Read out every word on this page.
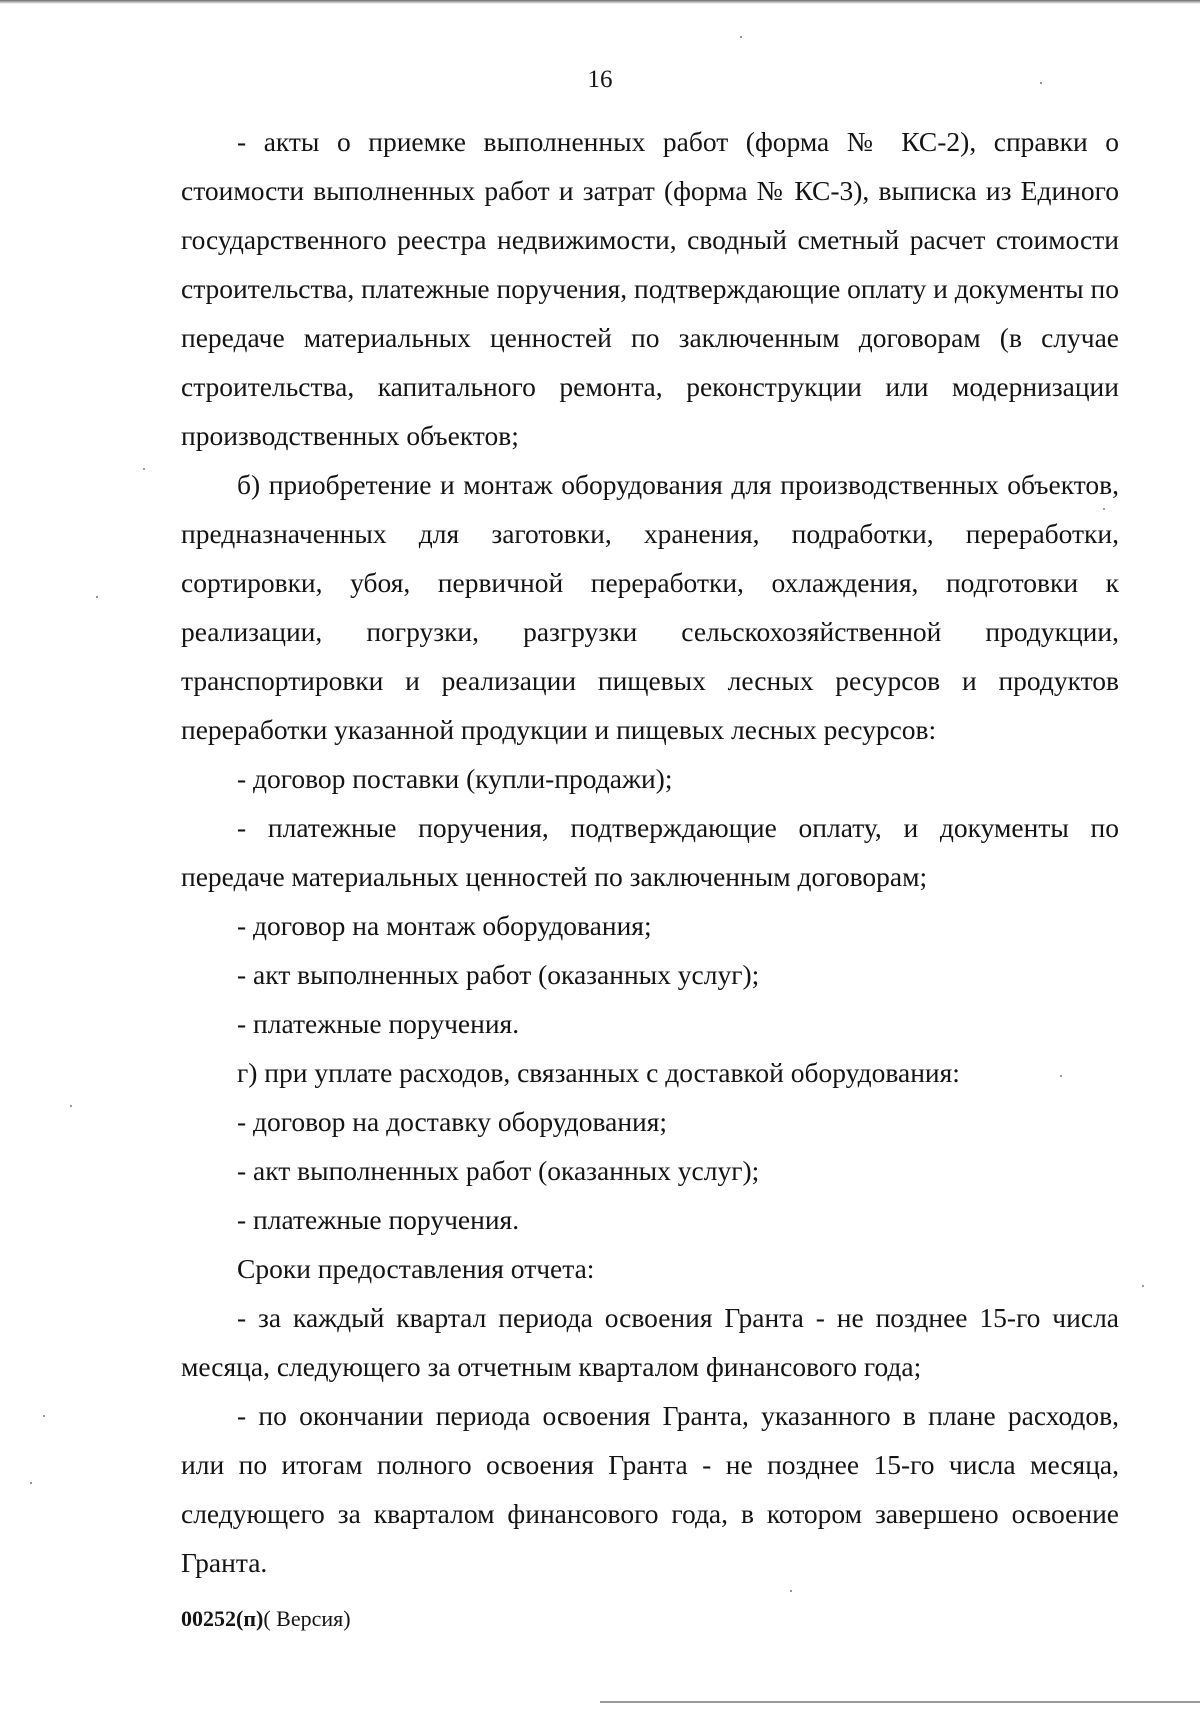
16

- акты о приемке выполненных работ (форма № КС-2), справки о стоимости выполненных работ и затрат (форма № КС-3), выписка из Единого государственного реестра недвижимости, сводный сметный расчет стоимости строительства, платежные поручения, подтверждающие оплату и документы по передаче материальных ценностей по заключенным договорам (в случае строительства, капитального ремонта, реконструкции или модернизации производственных объектов;

б) приобретение и монтаж оборудования для производственных объектов, предназначенных для заготовки, хранения, подработки, переработки, сортировки, убоя, первичной переработки, охлаждения, подготовки к реализации, погрузки, разгрузки сельскохозяйственной продукции, транспортировки и реализации пищевых лесных ресурсов и продуктов переработки указанной продукции и пищевых лесных ресурсов:

- договор поставки (купли-продажи);

- платежные поручения, подтверждающие оплату, и документы по передаче материальных ценностей по заключенным договорам;

- договор на монтаж оборудования;

- акт выполненных работ (оказанных услуг);

- платежные поручения.

г) при уплате расходов, связанных с доставкой оборудования:

- договор на доставку оборудования;

- акт выполненных работ (оказанных услуг);

- платежные поручения.

Сроки предоставления отчета:

- за каждый квартал периода освоения Гранта - не позднее 15-го числа месяца, следующего за отчетным кварталом финансового года;

- по окончании периода освоения Гранта, указанного в плане расходов, или по итогам полного освоения Гранта - не позднее 15-го числа месяца, следующего за кварталом финансового года, в котором завершено освоение Гранта.

00252(п)( Версия)
